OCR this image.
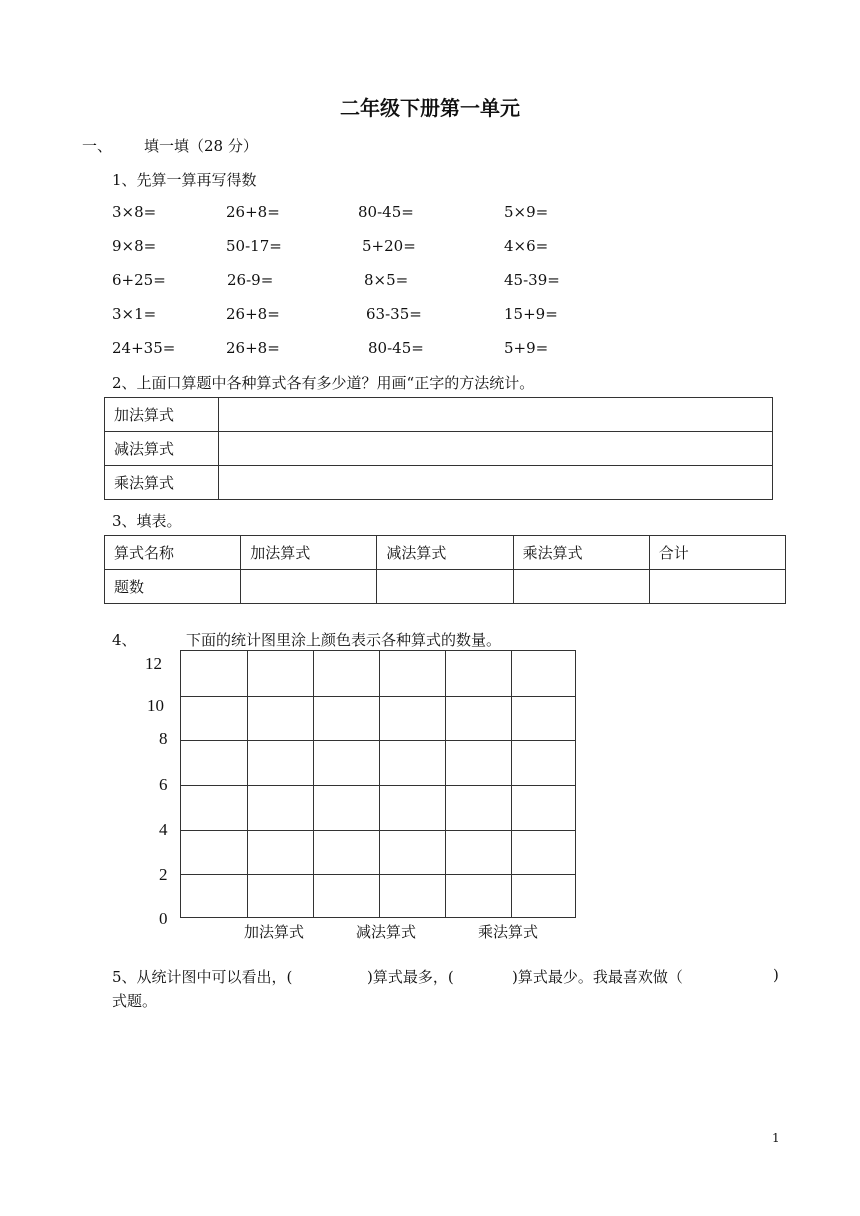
二年级下册第一单元
一、 填一填（28 分）
1、先算一算再写得数
3×8=	26+8=	80-45=	5×9=
9×8=	50-17=	5+20=	4×6=
6+25=	26-9=	8×5=	45-39=
3×1=	26+8=	63-35=	15+9=
24+35=	26+8=	80-45=	5+9=
2、上面口算题中各种算式各有多少道？用画“正字的方法统计。
加法算式	
减法算式	
乘法算式	
3、填表。
算式名称	加法算式	减法算式	乘法算式	合计
题数				
4、	下面的统计图里涂上颜色表示各种算式的数量。
12
10
8
6
4
2
0
加法算式	减法算式	乘法算式
5、从统计图中可以看出，(	)算式最多，(	)算式最少。我最喜欢做（	)
式题。
1
